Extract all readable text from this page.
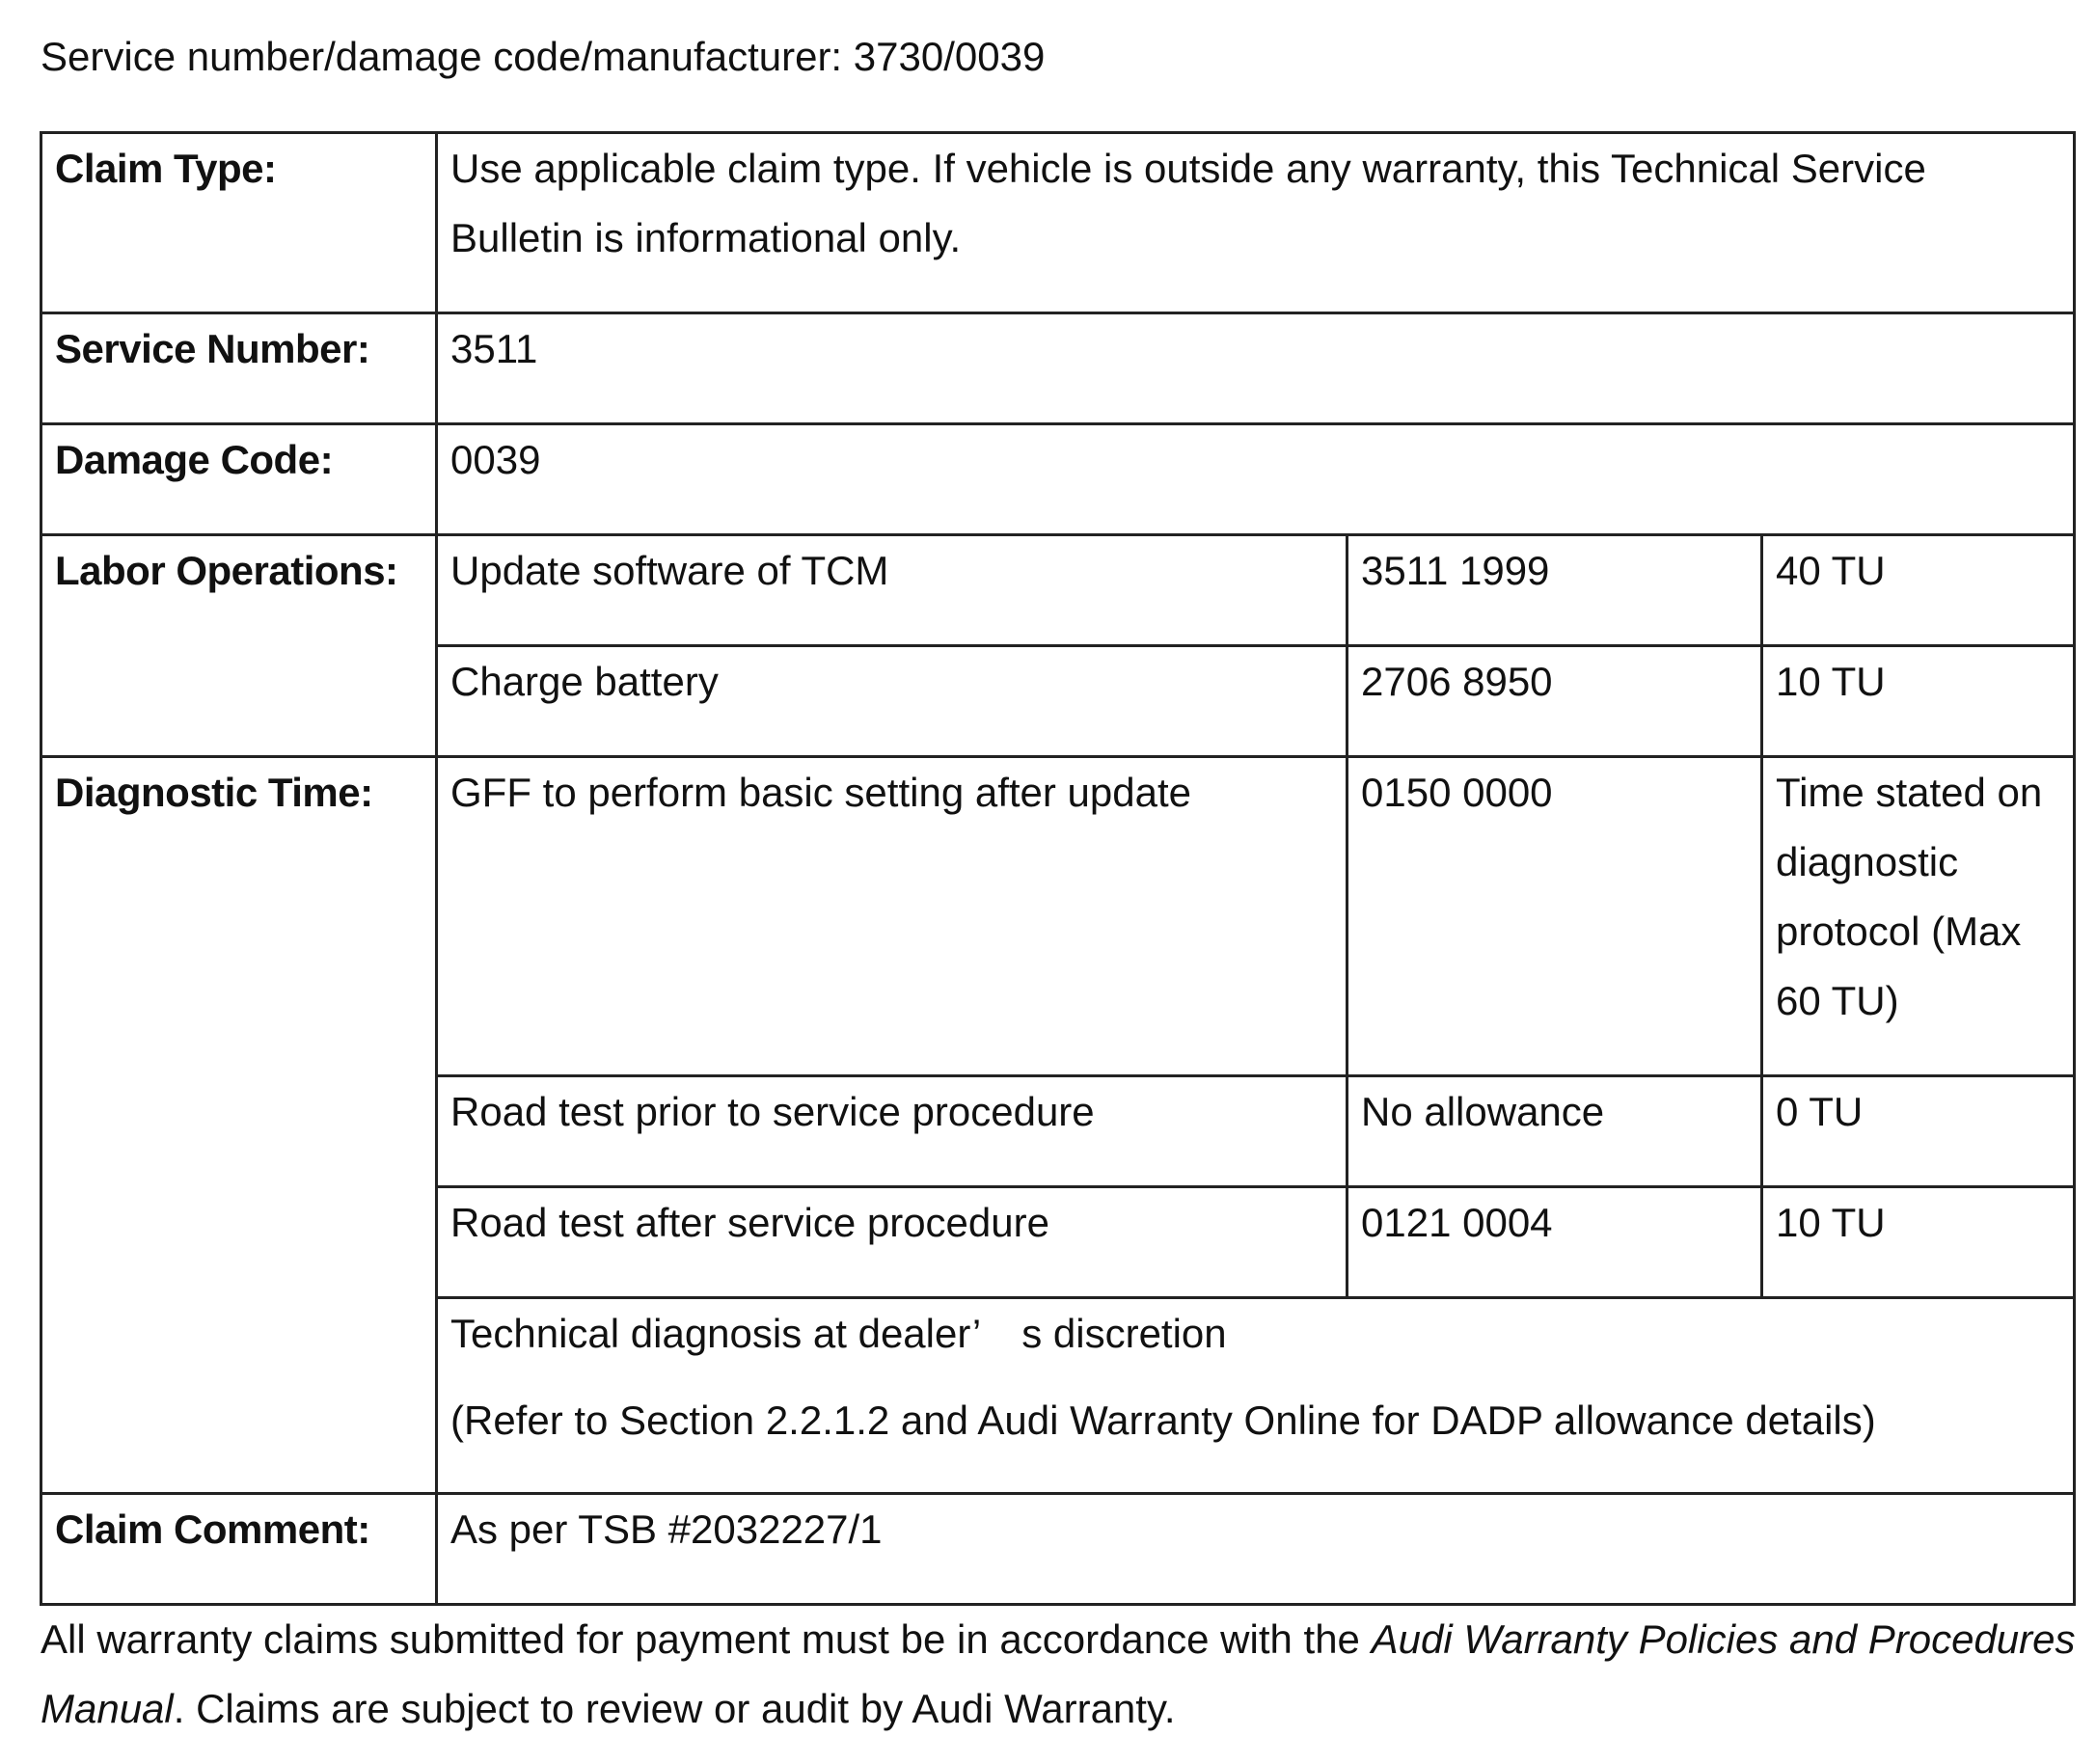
Service number/damage code/manufacturer: 3730/0039
Claim Type:	Use applicable claim type. If vehicle is outside any warranty, this Technical Service Bulletin is informational only.		
Service Number:	3511		
Damage Code:	0039		
Labor Operations:	Update software of TCM	3511 1999	40 TU
	Charge battery	2706 8950	10 TU
Diagnostic Time:	GFF to perform basic setting after update	0150 0000	Time stated on diagnostic protocol (Max 60 TU)
	Road test prior to service procedure	No allowance	0 TU
	Road test after service procedure	0121 0004	10 TU

	Technical diagnosis at dealer’ s discretion
(Refer to Section 2.2.1.2 and Audi Warranty Online for DADP allowance details)		

Claim Comment:	As per TSB #2032227/1		
All warranty claims submitted for payment must be in accordance with the Audi Warranty Policies and Procedures Manual. Claims are subject to review or audit by Audi Warranty.
